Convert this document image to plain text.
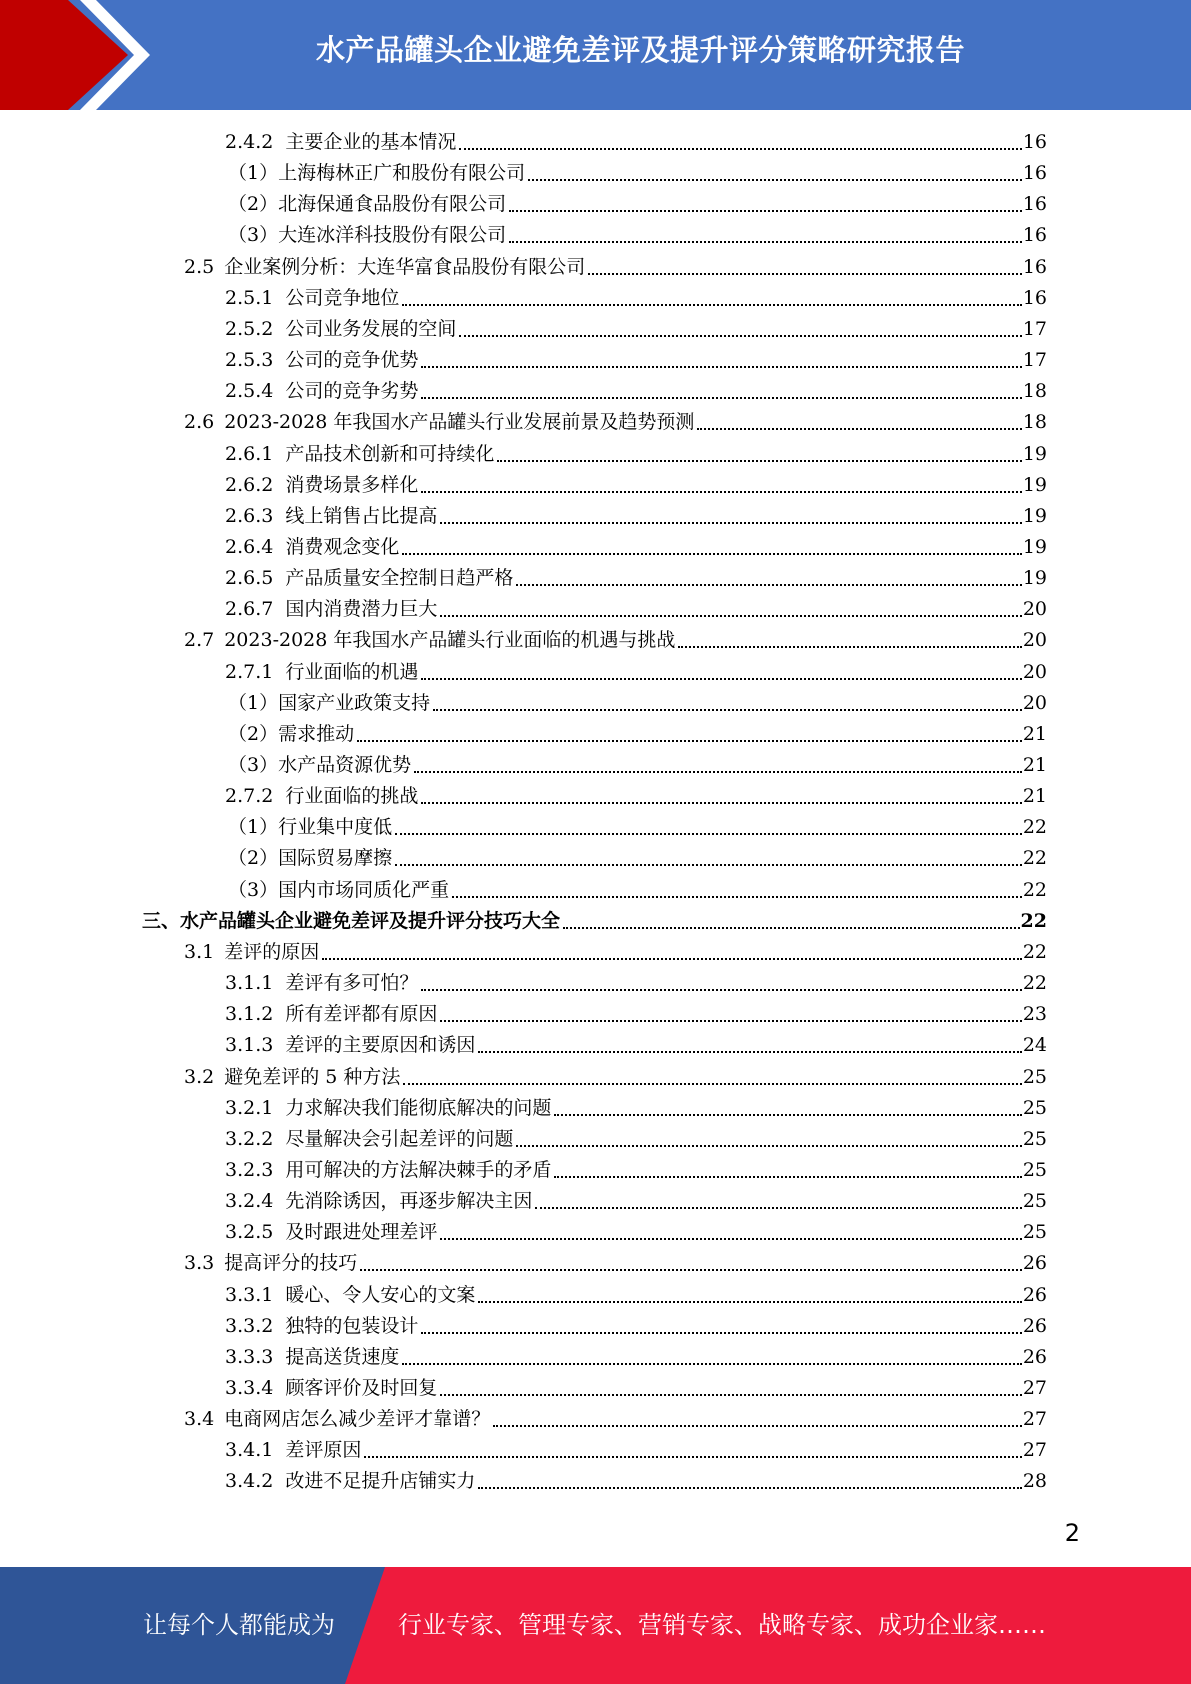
水产品罐头企业避免差评及提升评分策略研究报告
2.4.2 主要企业的基本情况	16
（1） 上海梅林正广和股份有限公司	16
（2） 北海保通食品股份有限公司	16
（3） 大连冰洋科技股份有限公司	16
2.5 企业案例分析：大连华富食品股份有限公司	16
2.5.1 公司竞争地位	16
2.5.2 公司业务发展的空间	17
2.5.3 公司的竞争优势	17
2.5.4 公司的竞争劣势	18
2.6 2023-2028 年我国水产品罐头行业发展前景及趋势预测	18
2.6.1 产品技术创新和可持续化	19
2.6.2 消费场景多样化	19
2.6.3 线上销售占比提高	19
2.6.4 消费观念变化	19
2.6.5 产品质量安全控制日趋严格	19
2.6.7 国内消费潜力巨大	20
2.7 2023-2028 年我国水产品罐头行业面临的机遇与挑战	20
2.7.1 行业面临的机遇	20
（1） 国家产业政策支持	20
（2） 需求推动	21
（3） 水产品资源优势	21
2.7.2 行业面临的挑战	21
（1） 行业集中度低	22
（2） 国际贸易摩擦	22
（3） 国内市场同质化严重	22
三、 水产品罐头企业避免差评及提升评分技巧大全	22
3.1 差评的原因	22
3.1.1 差评有多可怕？	22
3.1.2 所有差评都有原因	23
3.1.3 差评的主要原因和诱因	24
3.2 避免差评的 5 种方法	25
3.2.1 力求解决我们能彻底解决的问题	25
3.2.2 尽量解决会引起差评的问题	25
3.2.3 用可解决的方法解决棘手的矛盾	25
3.2.4 先消除诱因，再逐步解决主因	25
3.2.5 及时跟进处理差评	25
3.3 提高评分的技巧	26
3.3.1 暖心、令人安心的文案	26
3.3.2 独特的包装设计	26
3.3.3 提高送货速度	26
3.3.4 顾客评价及时回复	27
3.4 电商网店怎么减少差评才靠谱？	27
3.4.1 差评原因	27
3.4.2 改进不足提升店铺实力	28
2
让每个人都能成为	行业专家、管理专家、营销专家、战略专家、成功企业家……
